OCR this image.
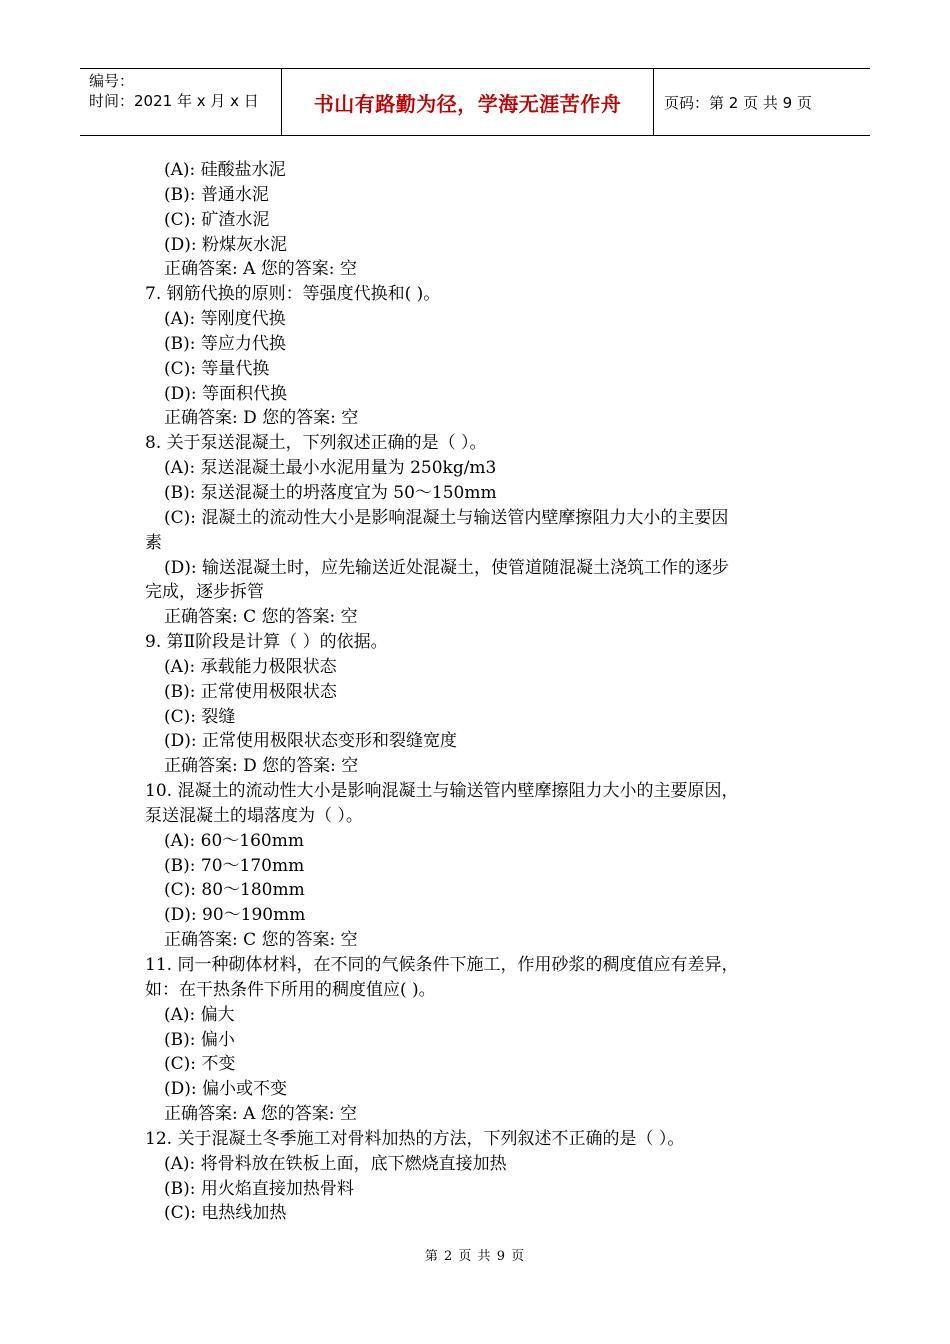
编号：
时间：2021 年 x 月 x 日	书山有路勤为径，学海无涯苦作舟	页码：第 2 页 共 9 页
(A): 硅酸盐水泥
(B): 普通水泥
(C): 矿渣水泥
(D): 粉煤灰水泥
正确答案: A 您的答案: 空
7. 钢筋代换的原则：等强度代换和( )。
(A): 等刚度代换
(B): 等应力代换
(C): 等量代换
(D): 等面积代换
正确答案: D 您的答案: 空
8. 关于泵送混凝土，下列叙述正确的是（ ）。
(A): 泵送混凝土最小水泥用量为 250kg/m3
(B): 泵送混凝土的坍落度宜为 50～150mm
(C): 混凝土的流动性大小是影响混凝土与输送管内壁摩擦阻力大小的主要因
素
(D): 输送混凝土时，应先输送近处混凝土，使管道随混凝土浇筑工作的逐步
完成，逐步拆管
正确答案: C 您的答案: 空
9. 第Ⅱ阶段是计算（ ）的依据。
(A): 承载能力极限状态
(B): 正常使用极限状态
(C): 裂缝
(D): 正常使用极限状态变形和裂缝宽度
正确答案: D 您的答案: 空
10. 混凝土的流动性大小是影响混凝土与输送管内壁摩擦阻力大小的主要原因，
泵送混凝土的塌落度为（ ）。
(A): 60～160mm
(B): 70～170mm
(C): 80～180mm
(D): 90～190mm
正确答案: C 您的答案: 空
11. 同一种砌体材料，在不同的气候条件下施工，作用砂浆的稠度值应有差异，
如：在干热条件下所用的稠度值应( )。
(A): 偏大
(B): 偏小
(C): 不变
(D): 偏小或不变
正确答案: A 您的答案: 空
12. 关于混凝土冬季施工对骨料加热的方法，下列叙述不正确的是（ ）。
(A): 将骨料放在铁板上面，底下燃烧直接加热
(B): 用火焰直接加热骨料
(C): 电热线加热
第 2 页 共 9 页
